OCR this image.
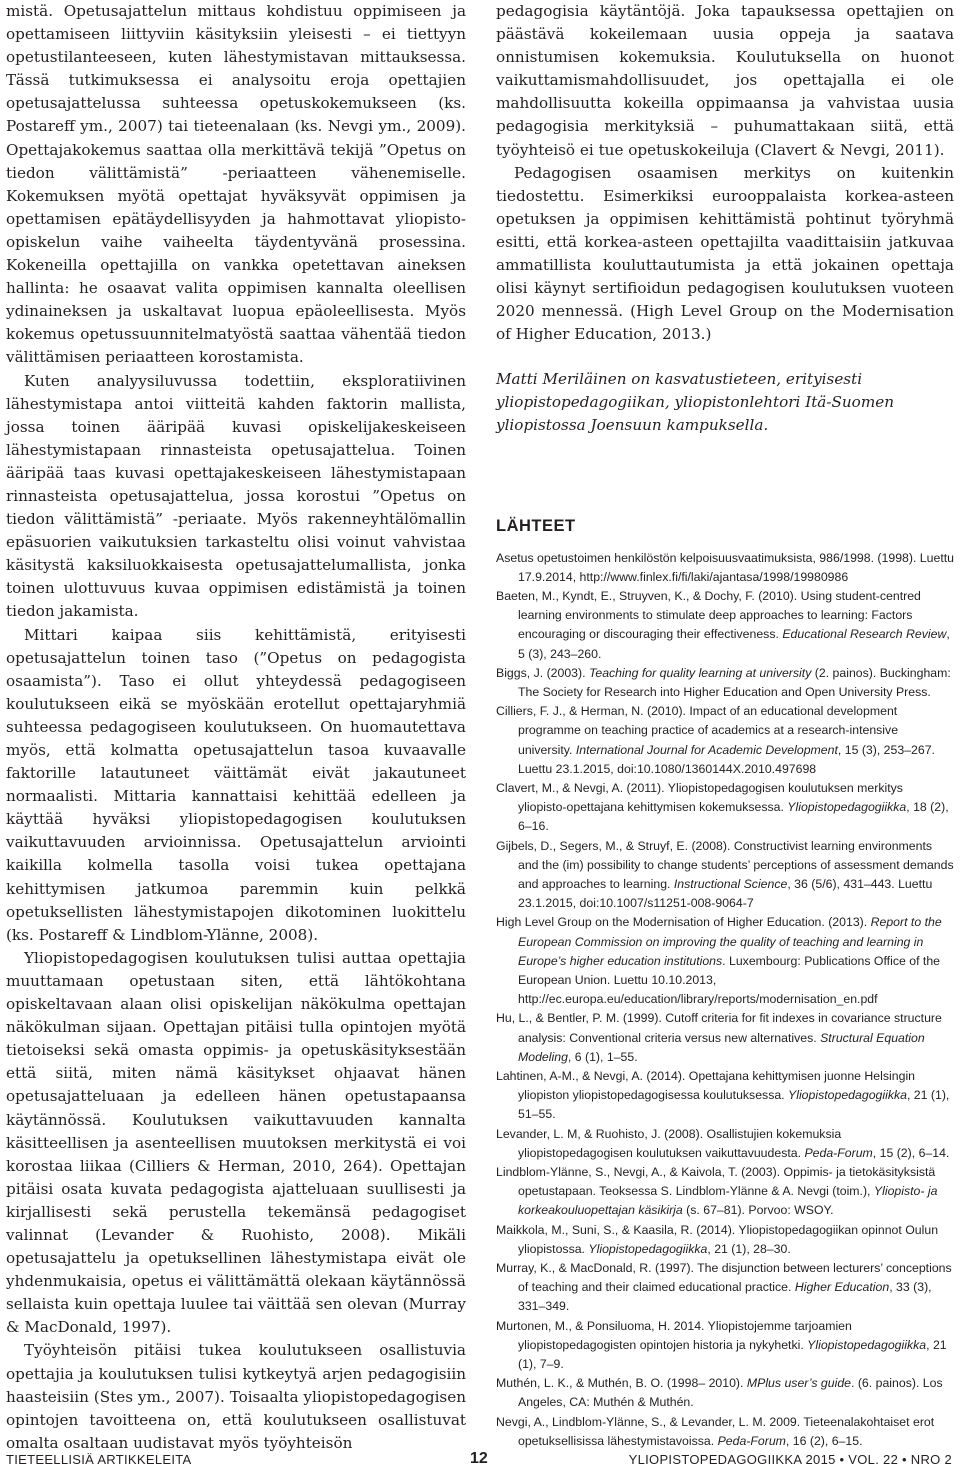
mistä. Opetusajattelun mittaus kohdistuu oppimiseen ja opettamiseen liittyviin käsityksiin yleisesti – ei tiettyyn opetustilanteeseen, kuten lähestymistavan mittauksessa. Tässä tutkimuksessa ei analysoitu eroja opettajien opetusajattelussa suhteessa opetuskokemukseen (ks. Postareff ym., 2007) tai tieteenalaan (ks. Nevgi ym., 2009). Opettajakokemus saattaa olla merkittävä tekijä ”Opetus on tiedon välittämistä” -periaatteen vähenemiselle. Kokemuksen myötä opettajat hyväksyvät oppimisen ja opettamisen epätäydellisyyden ja hahmottavat yliopisto-opiskelun vaihe vaiheelta täydentyvänä prosessina. Kokeneilla opettajilla on vankka opetettavan aineksen hallinta: he osaavat valita oppimisen kannalta oleellisen ydinaineksen ja uskaltavat luopua epäoleellisesta. Myös kokemus opetussuunnitelmatyöstä saattaa vähentää tiedon välittämisen periaatteen korostamista.

Kuten analyysiluvussa todettiin, eksploratiivinen lähestymistapa antoi viitteitä kahden faktorin mallista, jossa toinen ääripää kuvasi opiskelijakeskeiseen lähestymistapaan rinnasteista opetusajattelua. Toinen ääripää taas kuvasi opettajakeskeiseen lähestymistapaan rinnasteista opetusajattelua, jossa korostui ”Opetus on tiedon välittämistä” -periaate. Myös rakenneyhtälömallin epäsuorien vaikutuksien tarkasteltu olisi voinut vahvistaa käsitystä kaksiluokkaisesta opetusajattelumallista, jonka toinen ulottuvuus kuvaa oppimisen edistämistä ja toinen tiedon jakamista.

Mittari kaipaa siis kehittämistä, erityisesti opetusajattelun toinen taso (”Opetus on pedagogista osaamista”). Taso ei ollut yhteydessä pedagogiseen koulutukseen eikä se myöskään erotellut opettajaryhmiä suhteessa pedagogiseen koulutukseen. On huomautettava myös, että kolmatta opetusajattelun tasoa kuvaavalle faktorille latautuneet väittämät eivät jakautuneet normaalisti. Mittaria kannattaisi kehittää edelleen ja käyttää hyväksi yliopistopedagogisen koulutuksen vaikuttavuuden arvioinnissa. Opetusajattelun arviointi kaikilla kolmella tasolla voisi tukea opettajana kehittymisen jatkumoa paremmin kuin pelkkä opetuksellisten lähestymistapojen dikotominen luokittelu (ks. Postareff & Lindblom-Ylänne, 2008).

Yliopistopedagogisen koulutuksen tulisi auttaa opettajia muuttamaan opetustaan siten, että lähtökohtana opiskeltavaan alaan olisi opiskelijan näkökulma opettajan näkökulman sijaan. Opettajan pitäisi tulla opintojen myötä tietoiseksi sekä omasta oppimis- ja opetuskäsityksestään että siitä, miten nämä käsitykset ohjaavat hänen opetusajatteluaan ja edelleen hänen opetustapaansa käytännössä. Koulutuksen vaikuttavuuden kannalta käsitteellisen ja asenteellisen muutoksen merkitystä ei voi korostaa liikaa (Cilliers & Herman, 2010, 264). Opettajan pitäisi osata kuvata pedagogista ajatteluaan suullisesti ja kirjallisesti sekä perustella tekemänsä pedagogiset valinnat (Levander & Ruohisto, 2008). Mikäli opetusajattelu ja opetuksellinen lähestymistapa eivät ole yhdenmukaisia, opetus ei välittämättä olekaan käytännössä sellaista kuin opettaja luulee tai väittää sen olevan (Murray & MacDonald, 1997).

Työyhteisön pitäisi tukea koulutukseen osallistuvia opettajia ja koulutuksen tulisi kytkeytyä arjen pedagogisiin haasteisiin (Stes ym., 2007). Toisaalta yliopistopedagogisen opintojen tavoitteena on, että koulutukseen osallistuvat omalta osaltaan uudistavat myös työyhteisön

pedagogisia käytäntöjä. Joka tapauksessa opettajien on päästävä kokeilemaan uusia oppeja ja saatava onnistumisen kokemuksia. Koulutuksella on huonot vaikuttamismahdollisuudet, jos opettajalla ei ole mahdollisuutta kokeilla oppimaansa ja vahvistaa uusia pedagogisia merkityksiä – puhumattakaan siitä, että työyhteisö ei tue opetuskokeiluja (Clavert & Nevgi, 2011).

Pedagogisen osaamisen merkitys on kuitenkin tiedostettu. Esimerkiksi eurooppalaista korkea-asteen opetuksen ja oppimisen kehittämistä pohtinut työryhmä esitti, että korkea-asteen opettajilta vaadittaisiin jatkuvaa ammatillista kouluttautumista ja että jokainen opettaja olisi käynyt sertifioidun pedagogisen koulutuksen vuoteen 2020 mennessä. (High Level Group on the Modernisation of Higher Education, 2013.)

Matti Meriläinen on kasvatustieteen, erityisesti yliopistopedagogiikan, yliopistonlehtori Itä-Suomen yliopistossa Joensuun kampuksella.

LÄHTEET

Asetus opetustoimen henkilöstön kelpoisuusvaatimuksista, 986/1998. (1998). Luettu 17.9.2014, http://www.finlex.fi/fi/laki/ajantasa/1998/19980986

Baeten, M., Kyndt, E., Struyven, K., & Dochy, F. (2010). Using student-centred learning environments to stimulate deep approaches to learning: Factors encouraging or discouraging their effectiveness. Educational Research Review, 5 (3), 243–260.

Biggs, J. (2003). Teaching for quality learning at university (2. painos). Buckingham: The Society for Research into Higher Education and Open University Press.

Cilliers, F. J., & Herman, N. (2010). Impact of an educational development programme on teaching practice of academics at a research-intensive university. International Journal for Academic Development, 15 (3), 253–267. Luettu 23.1.2015, doi:10.1080/1360144X.2010.497698

Clavert, M., & Nevgi, A. (2011). Yliopistopedagogisen koulutuksen merkitys yliopisto-opettajana kehittymisen kokemuksessa. Yliopistopedagogiikka, 18 (2), 6–16.

Gijbels, D., Segers, M., & Struyf, E. (2008). Constructivist learning environments and the (im) possibility to change students’ perceptions of assessment demands and approaches to learning. Instructional Science, 36 (5/6), 431–443. Luettu 23.1.2015, doi:10.1007/s11251-008-9064-7

High Level Group on the Modernisation of Higher Education. (2013). Report to the European Commission on improving the quality of teaching and learning in Europe’s higher education institutions. Luxembourg: Publications Office of the European Union. Luettu 10.10.2013, http://ec.europa.eu/education/library/reports/modernisation_en.pdf

Hu, L., & Bentler, P. M. (1999). Cutoff criteria for fit indexes in covariance structure analysis: Conventional criteria versus new alternatives. Structural Equation Modeling, 6 (1), 1–55.

Lahtinen, A-M., & Nevgi, A. (2014). Opettajana kehittymisen juonne Helsingin yliopiston yliopistopedagogisessa koulutuksessa. Yliopistopedagogiikka, 21 (1), 51–55.

Levander, L. M, & Ruohisto, J. (2008). Osallistujien kokemuksia yliopistopedagogisen koulutuksen vaikuttavuudesta. Peda-Forum, 15 (2), 6–14.

Lindblom-Ylänne, S., Nevgi, A., & Kaivola, T. (2003). Oppimis- ja tietokäsityksistä opetustapaan. Teoksessa S. Lindblom-Ylänne & A. Nevgi (toim.), Yliopisto- ja korkeakouluopettajan käsikirja (s. 67–81). Porvoo: WSOY.

Maikkola, M., Suni, S., & Kaasila, R. (2014). Yliopistopedagogiikan opinnot Oulun yliopistossa. Yliopistopedagogiikka, 21 (1), 28–30.

Murray, K., & MacDonald, R. (1997). The disjunction between lecturers’ conceptions of teaching and their claimed educational practice. Higher Education, 33 (3), 331–349.

Murtonen, M., & Ponsiluoma, H. 2014. Yliopistojemme tarjoamien yliopistopedagogisten opintojen historia ja nykyhetki. Yliopistopedagogiikka, 21 (1), 7–9.

Muthén, L. K., & Muthén, B. O. (1998– 2010). MPlus user’s guide. (6. painos). Los Angeles, CA: Muthén & Muthén.

Nevgi, A., Lindblom-Ylänne, S., & Levander, L. M. 2009. Tieteenalakohtaiset erot opetuksellisissa lähestymistavoissa. Peda-Forum, 16 (2), 6–15.

TIETEELLISIÄ ARTIKKELEITA	12	YLIOPISTOPEDAGOGIIKKA 2015 • VOL. 22 • NRO 2
